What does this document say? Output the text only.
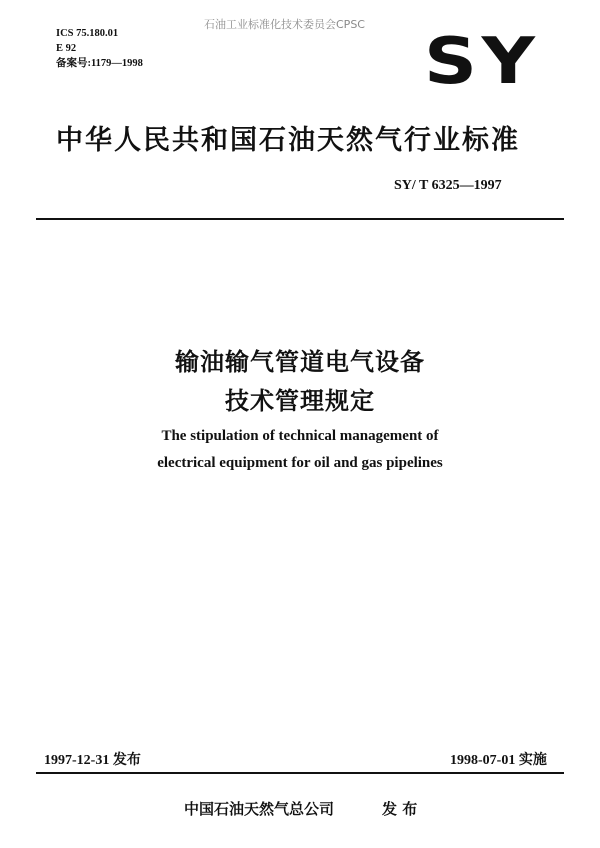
石油工业标准化技术委员会CPSC
ICS 75.180.01
E 92
备案号:1179—1998	SY
中华人民共和国石油天然气行业标准
SY/ T 6325—1997
输油输气管道电气设备
技术管理规定
The stipulation of technical management of
electrical equipment for oil and gas pipelines
1997-12-31 发布	1998-07-01 实施
中国石油天然气总公司	发 布
